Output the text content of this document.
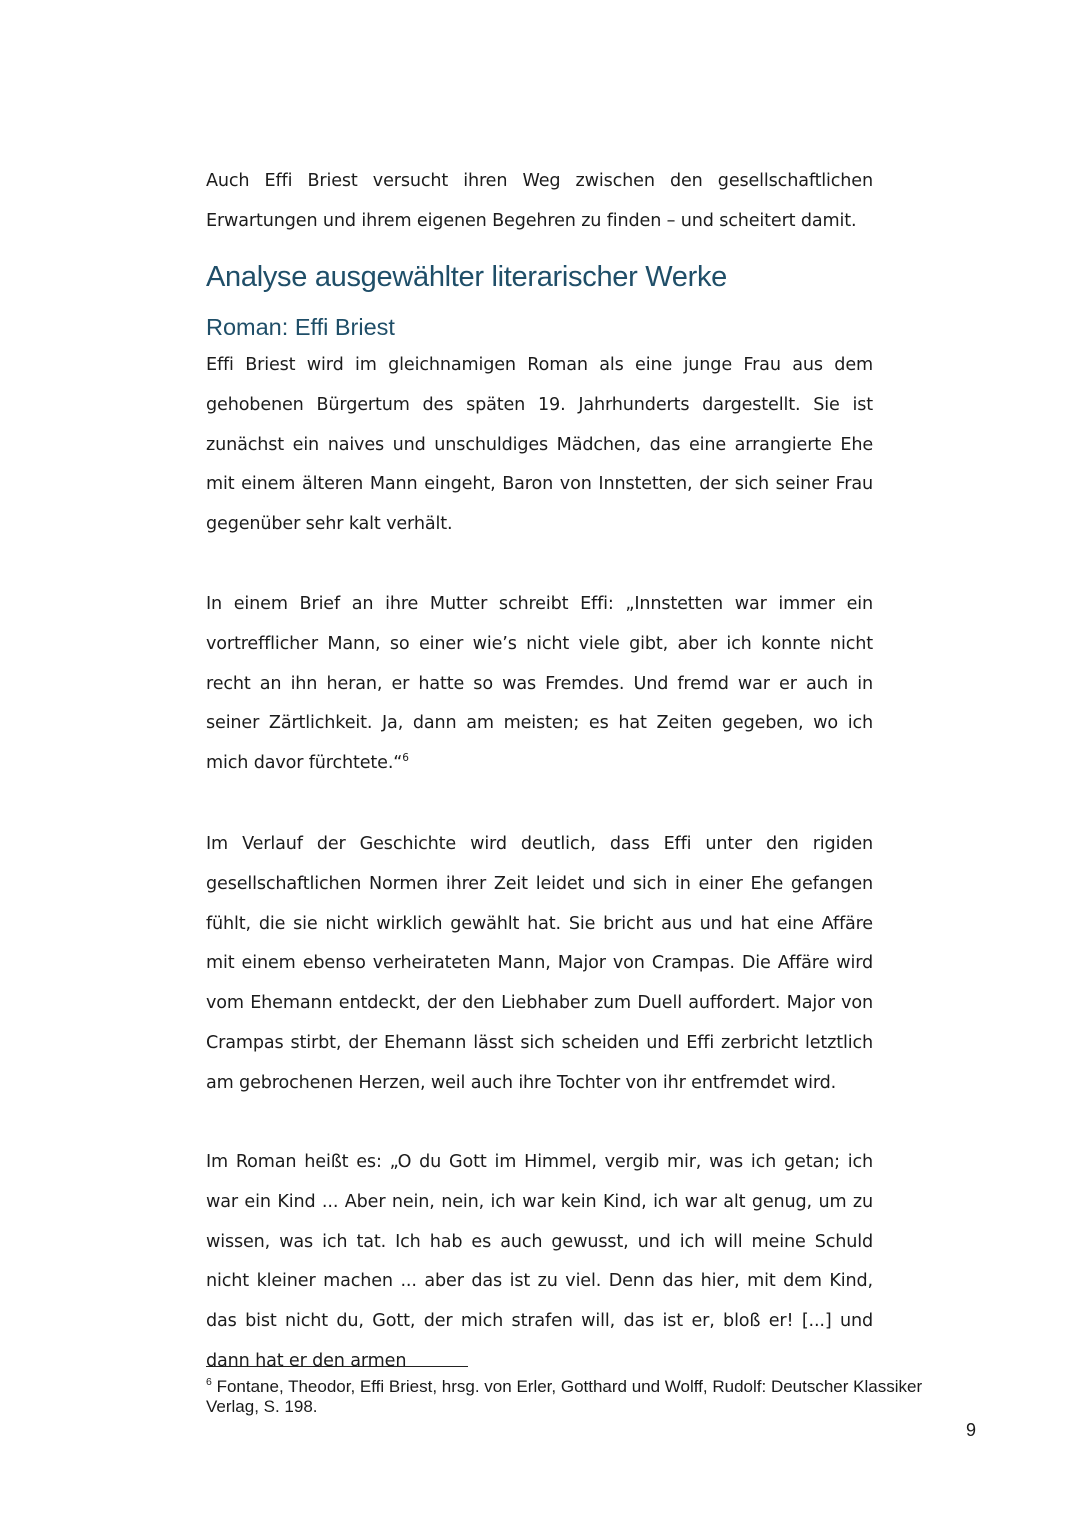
Auch Effi Briest versucht ihren Weg zwischen den gesellschaftlichen Erwartungen und ihrem eigenen Begehren zu finden – und scheitert damit.

Analyse ausgewählter literarischer Werke
Roman: Effi Briest

Effi Briest wird im gleichnamigen Roman als eine junge Frau aus dem gehobenen Bürgertum des späten 19. Jahrhunderts dargestellt. Sie ist zunächst ein naives und unschuldiges Mädchen, das eine arrangierte Ehe mit einem älteren Mann eingeht, Baron von Innstetten, der sich seiner Frau gegenüber sehr kalt verhält.

In einem Brief an ihre Mutter schreibt Effi: „Innstetten war immer ein vortrefflicher Mann, so einer wie’s nicht viele gibt, aber ich konnte nicht recht an ihn heran, er hatte so was Fremdes. Und fremd war er auch in seiner Zärtlichkeit. Ja, dann am meisten; es hat Zeiten gegeben, wo ich mich davor fürchtete.“$^6$

Im Verlauf der Geschichte wird deutlich, dass Effi unter den rigiden gesellschaftlichen Normen ihrer Zeit leidet und sich in einer Ehe gefangen fühlt, die sie nicht wirklich gewählt hat. Sie bricht aus und hat eine Affäre mit einem ebenso verheirateten Mann, Major von Crampas. Die Affäre wird vom Ehemann entdeckt, der den Liebhaber zum Duell auffordert. Major von Crampas stirbt, der Ehemann lässt sich scheiden und Effi zerbricht letztlich am gebrochenen Herzen, weil auch ihre Tochter von ihr entfremdet wird.

Im Roman heißt es: „O du Gott im Himmel, vergib mir, was ich getan; ich war ein Kind ... Aber nein, nein, ich war kein Kind, ich war alt genug, um zu wissen, was ich tat. Ich hab es auch gewusst, und ich will meine Schuld nicht kleiner machen ... aber das ist zu viel. Denn das hier, mit dem Kind, das bist nicht du, Gott, der mich strafen will, das ist er, bloß er! [...] und dann hat er den armen

$^6$ Fontane, Theodor, Effi Briest, hrsg. von Erler, Gotthard und Wolff, Rudolf: Deutscher Klassiker Verlag, S. 198.

9
